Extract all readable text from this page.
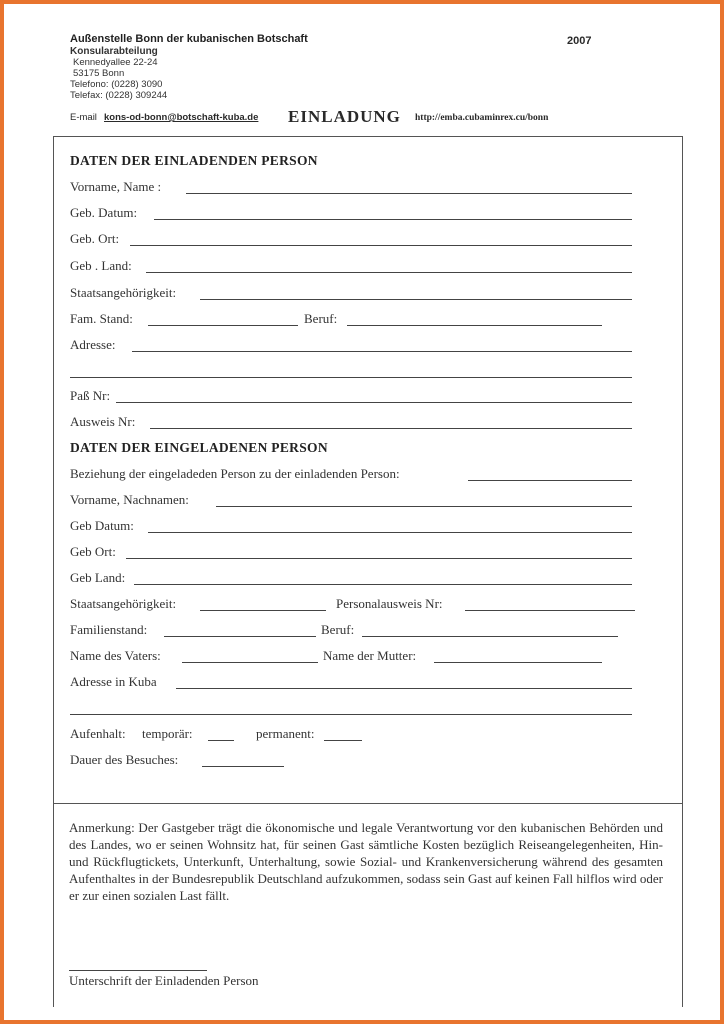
Außenstelle Bonn der kubanischen Botschaft
Konsularabteilung
Kennedyallee 22-24
53175 Bonn
Telefono: (0228) 3090
Telefax: (0228) 309244
2007
E-mail kons-od-bonn@botschaft-kuba.de EINLADUNG http://emba.cubaminrex.cu/bonn
DATEN DER EINLADENDEN PERSON
Vorname, Name :
Geb. Datum:
Geb. Ort:
Geb . Land:
Staatsangehörigkeit:
Fam. Stand:	Beruf:
Adresse:
Paß Nr:
Ausweis Nr:
DATEN DER EINGELADENEN PERSON
Beziehung der eingeladeden Person zu der einladenden Person:
Vorname, Nachnamen:
Geb Datum:
Geb Ort:
Geb Land:
Staatsangehörigkeit:	Personalausweis Nr:
Familienstand:	Beruf:
Name des Vaters:	Name der Mutter:
Adresse in Kuba
Aufenhalt: temporär:	permanent:
Dauer des Besuches:
Anmerkung: Der Gastgeber trägt die ökonomische und legale Verantwortung vor den kubanischen Behörden und des Landes, wo er seinen Wohnsitz hat, für seinen Gast sämtliche Kosten bezüglich Reiseangelegenheiten, Hin- und Rückflugtickets, Unterkunft, Unterhaltung, sowie Sozial- und Krankenversicherung während des gesamten Aufenthaltes in der Bundesrepublik Deutschland aufzukommen, sodass sein Gast auf keinen Fall hilflos wird oder er zur einen sozialen Last fällt.
Unterschrift der Einladenden Person
